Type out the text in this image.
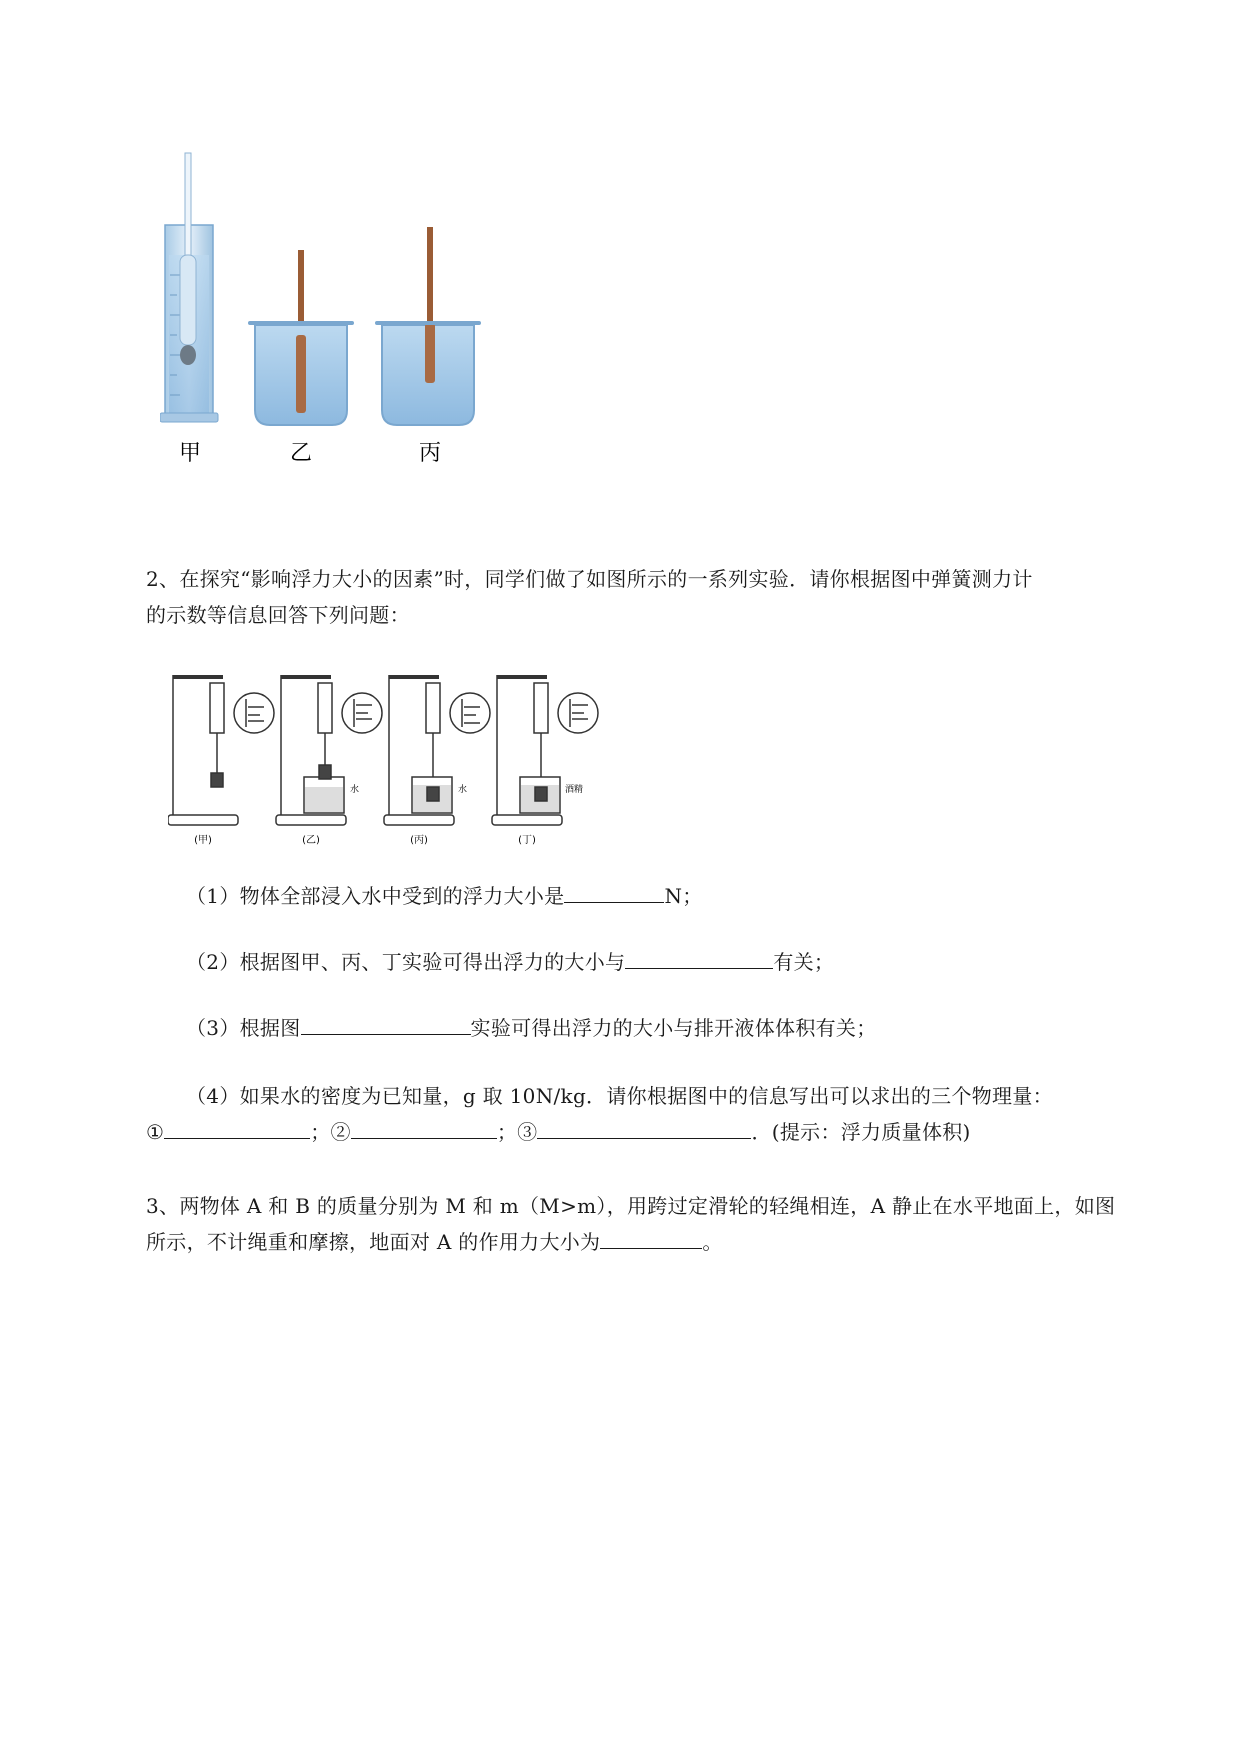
甲	乙	丙
(甲)
水
(乙)
水
(丙)
酒精
(丁)
2、在探究“影响浮力大小的因素”时，同学们做了如图所示的一系列实验．请你根据图中弹簧测力计
的示数等信息回答下列问题：
（1）物体全部浸入水中受到的浮力大小是	N；
（2）根据图甲、丙、丁实验可得出浮力的大小与	有关；
（3）根据图	实验可得出浮力的大小与排开液体体积有关；
（4）如果水的密度为已知量，g 取 10N/kg．请你根据图中的信息写出可以求出的三个物理量：
①	；②	；③	．(提示：浮力质量体积)
3、两物体 A 和 B 的质量分别为 M 和 m（M>m），用跨过定滑轮的轻绳相连，A 静止在水平地面上，如图
所示，不计绳重和摩擦，地面对 A 的作用力大小为	。
